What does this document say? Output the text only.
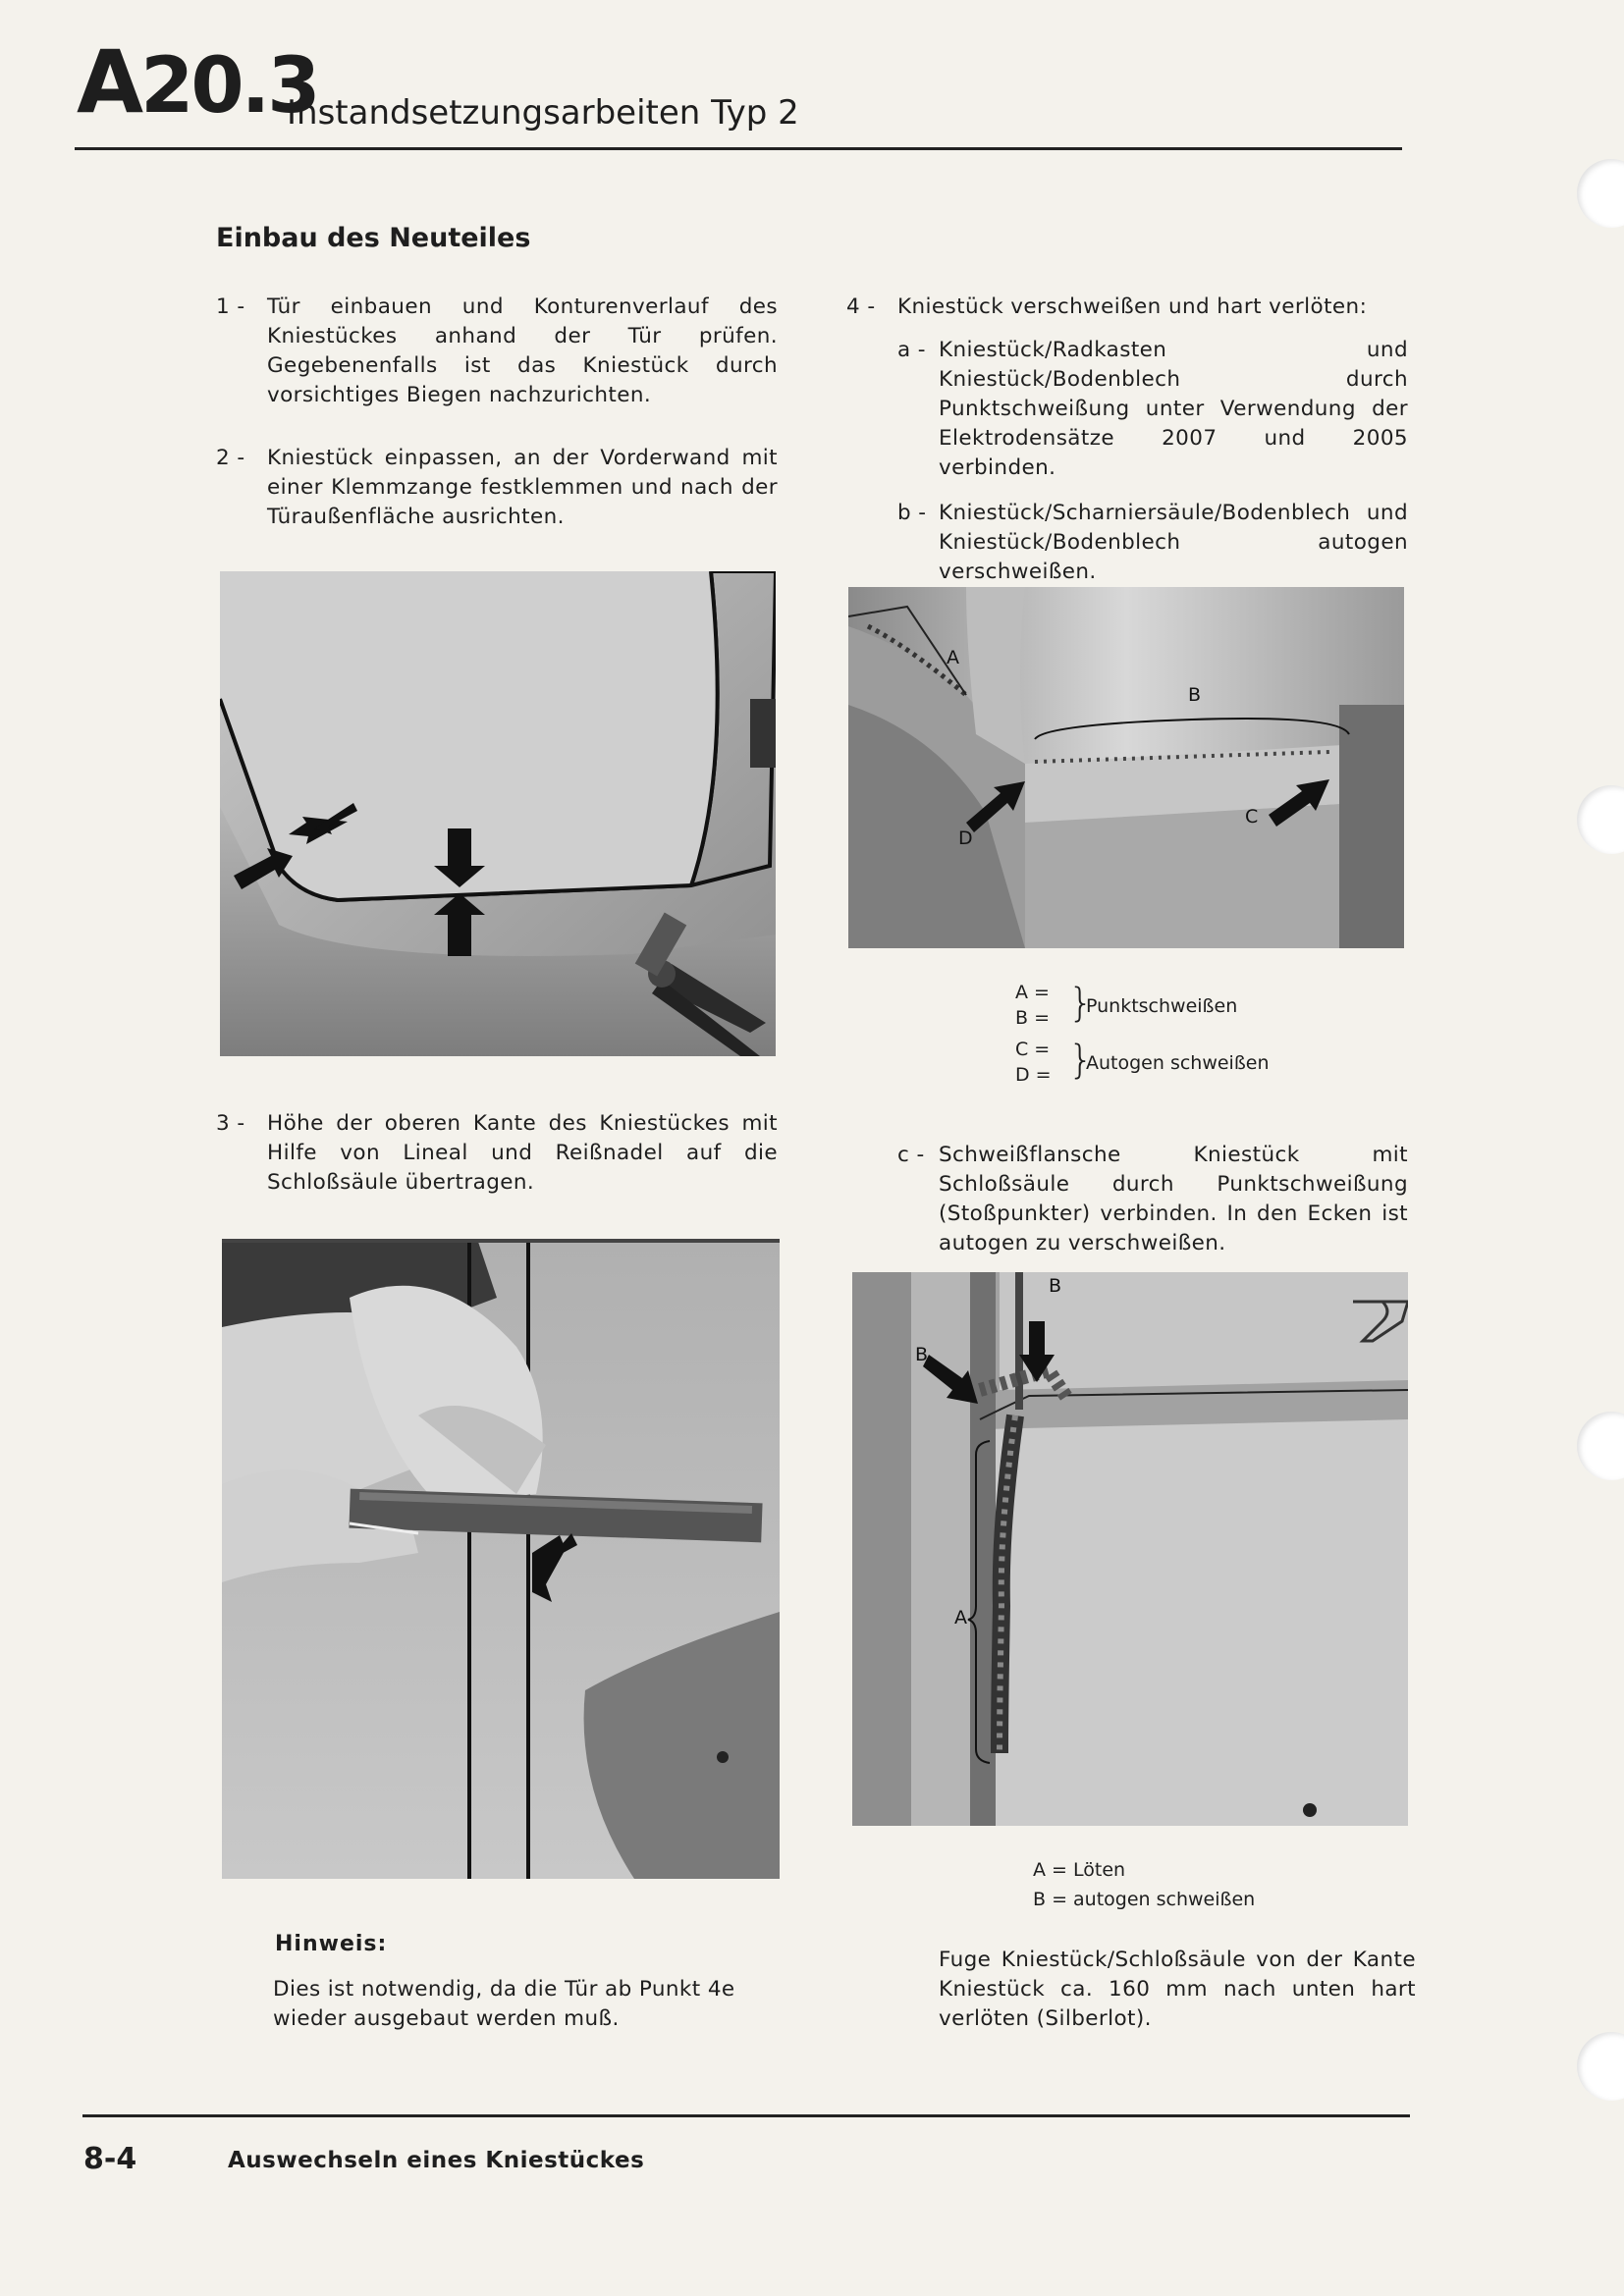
A20.3
Instandsetzungsarbeiten Typ 2
Einbau des Neuteiles
1 -	Tür einbauen und Konturenverlauf des Kniestückes anhand der Tür prüfen. Gegebenenfalls ist das Kniestück durch vorsichtiges Biegen nachzurichten.
2 -	Kniestück einpassen, an der Vorderwand mit einer Klemmzange festklemmen und nach der Türaußenfläche ausrichten.
4 -	Kniestück verschweißen und hart verlöten:
a - Kniestück/Radkasten und Kniestück/Bodenblech durch Punktschweißung unter Verwendung der Elektrodensätze 2007 und 2005 verbinden.
b - Kniestück/Scharniersäule/Bodenblech und Kniestück/Bodenblech autogen verschweißen.
A
B
C
D
A =
B = }
Punktschweißen
C =
D = }
Autogen schweißen
3 -	Höhe der oberen Kante des Kniestückes mit Hilfe von Lineal und Reißnadel auf die Schloßsäule übertragen.
c - Schweißflansche Kniestück mit Schloßsäule durch Punktschweißung (Stoßpunkter) verbinden. In den Ecken ist autogen zu verschweißen.
B
B
A
A = Löten
B = autogen schweißen
Hinweis:
Dies ist notwendig, da die Tür ab Punkt 4e wieder ausgebaut werden muß.
Fuge Kniestück/Schloßsäule von der Kante Kniestück ca. 160 mm nach unten hart verlöten (Silberlot).
8-4	Auswechseln eines Kniestückes
